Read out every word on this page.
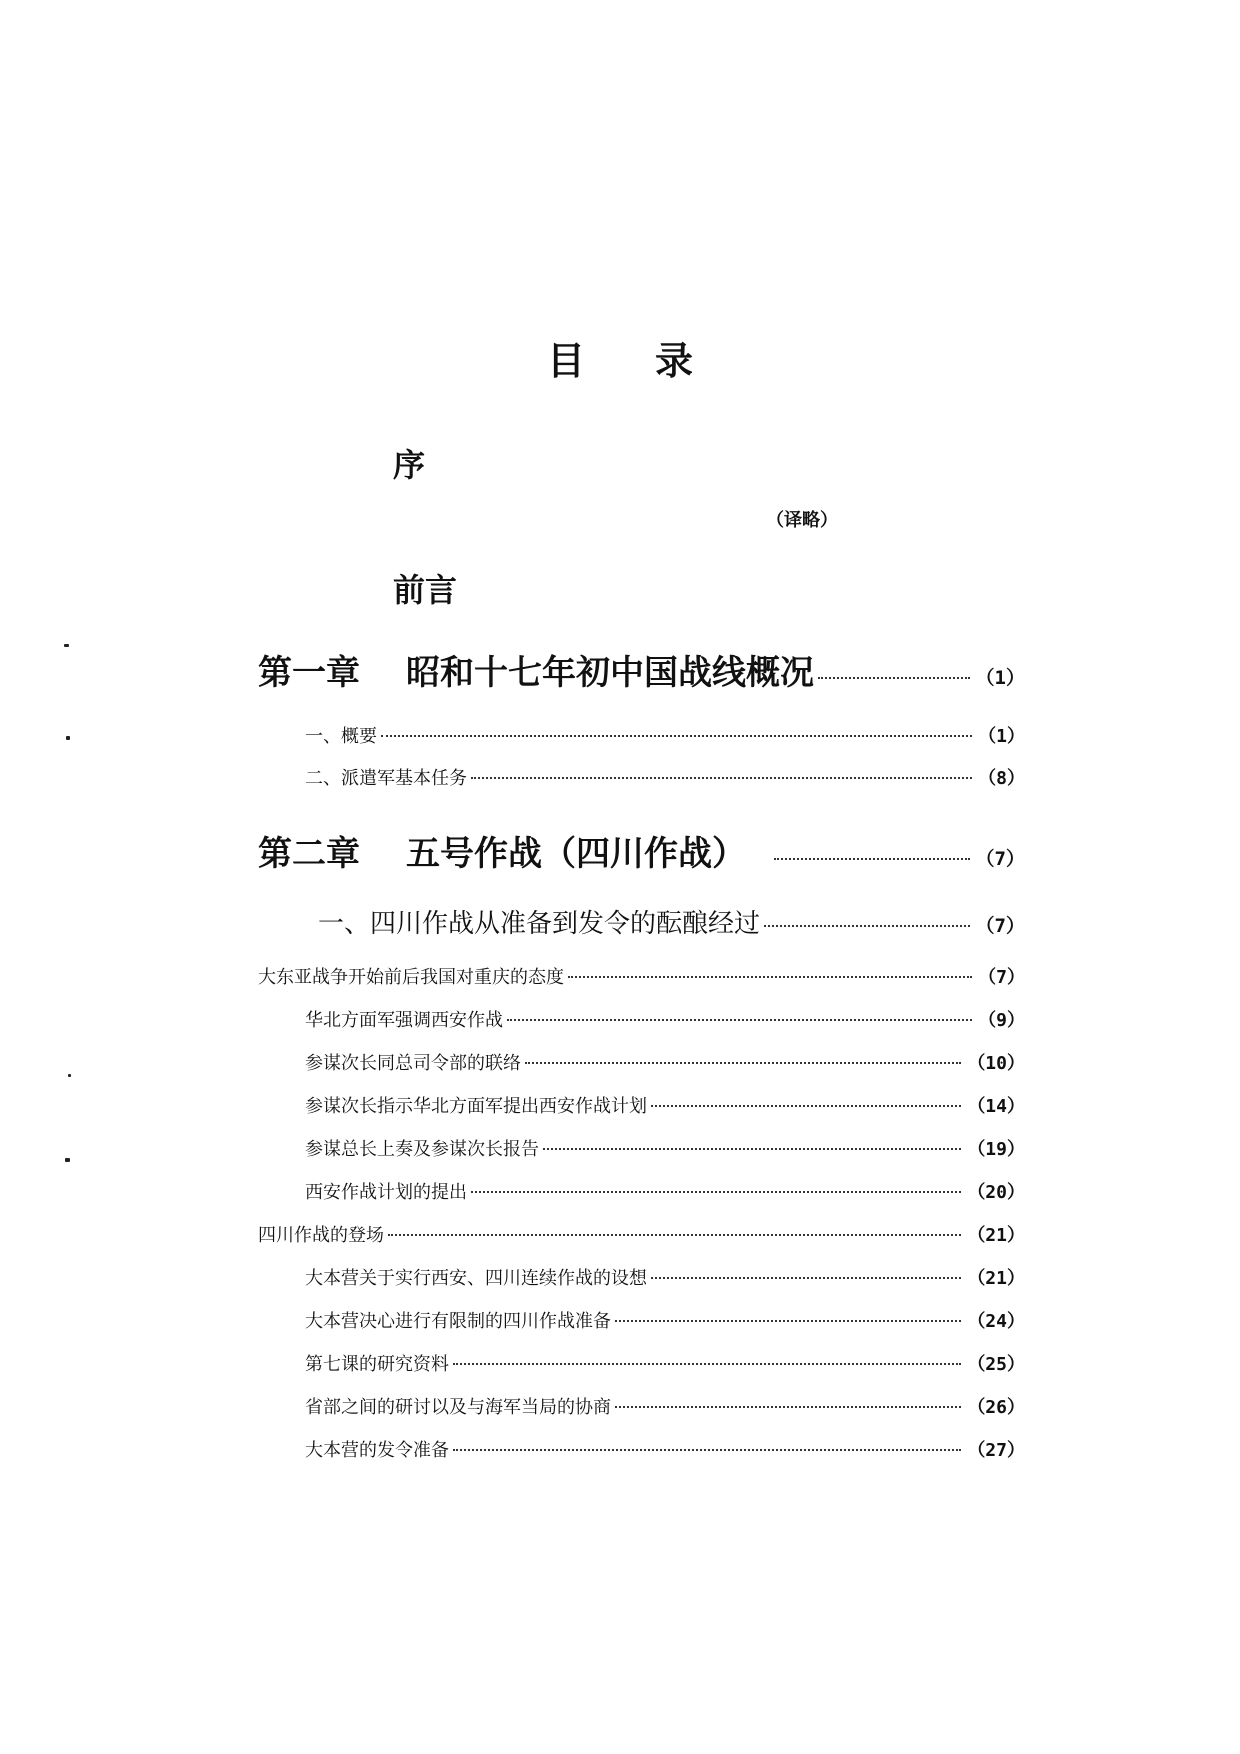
目录
序
（译略）
前言
第一章 昭和十七年初中国战线概况	（1）
一、概要	（1）
二、派遣军基本任务	（8）
第二章 五号作战（四川作战）	（7）
一、四川作战从准备到发令的酝酿经过	（7）
大东亚战争开始前后我国对重庆的态度	（7）
华北方面军强调西安作战	（9）
参谋次长同总司令部的联络	（10）
参谋次长指示华北方面军提出西安作战计划	（14）
参谋总长上奏及参谋次长报告	（19）
西安作战计划的提出	（20）
四川作战的登场	（21）
大本营关于实行西安、四川连续作战的设想	（21）
大本营决心进行有限制的四川作战准备	（24）
第七课的研究资料	（25）
省部之间的研讨以及与海军当局的协商	（26）
大本营的发令准备	（27）
